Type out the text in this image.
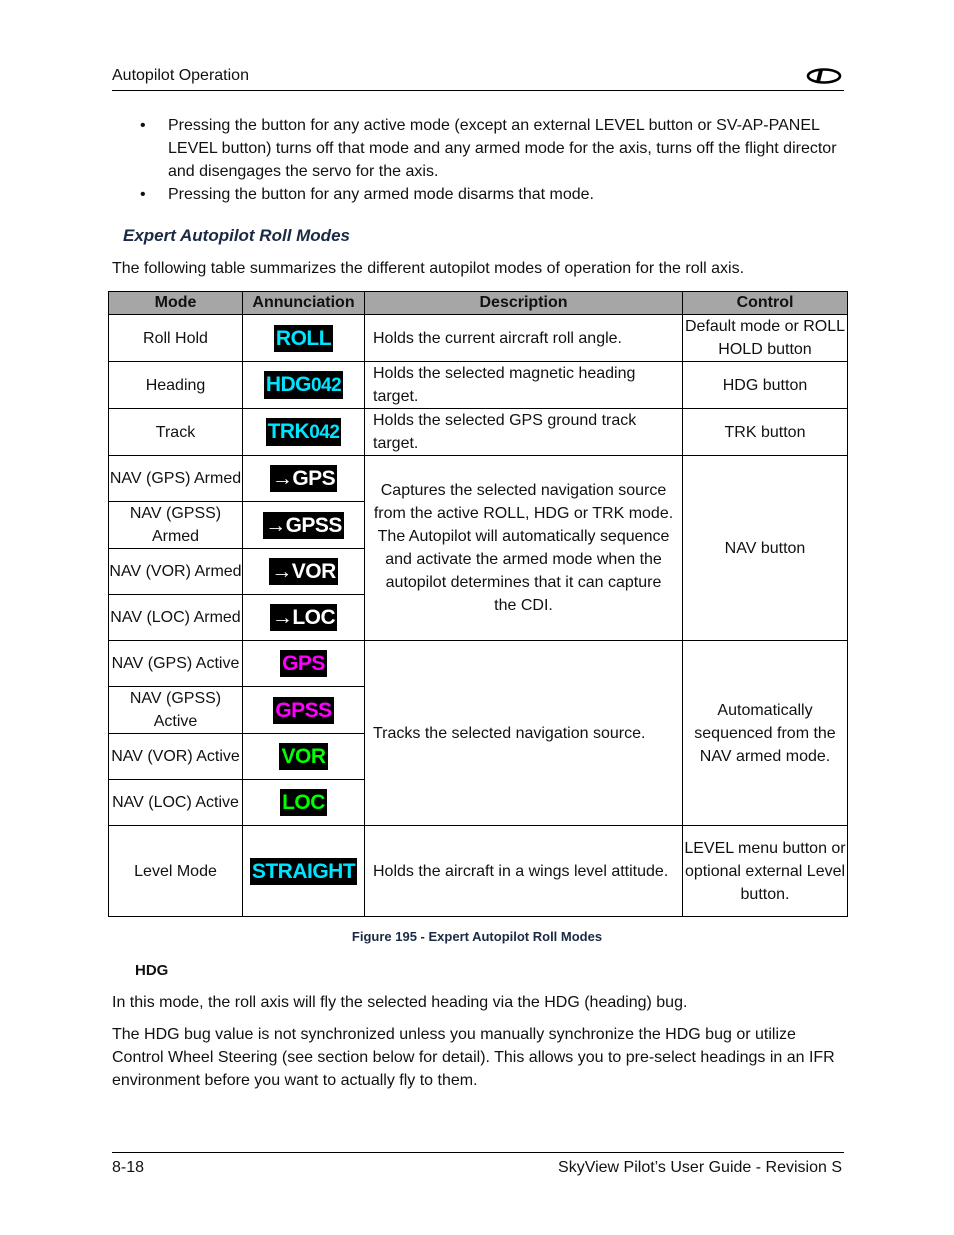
Autopilot Operation
• Pressing the button for any active mode (except an external LEVEL button or SV-AP-PANEL LEVEL button) turns off that mode and any armed mode for the axis, turns off the flight director and disengages the servo for the axis.
• Pressing the button for any armed mode disarms that mode.
Expert Autopilot Roll Modes
The following table summarizes the different autopilot modes of operation for the roll axis.
Mode	Annunciation	Description	Control
Roll Hold	ROLL	Holds the current aircraft roll angle.	Default mode or ROLL HOLD button
Heading	HDG042	Holds the selected magnetic heading target.	HDG button
Track	TRK042	Holds the selected GPS ground track target.	TRK button
NAV (GPS) Armed	→GPS	Captures the selected navigation source from the active ROLL, HDG or TRK mode. The Autopilot will automatically sequence and activate the armed mode when the autopilot determines that it can capture the CDI.	NAV button
NAV (GPSS) Armed	→GPSS		
NAV (VOR) Armed	→VOR		
NAV (LOC) Armed	→LOC		
NAV (GPS) Active	GPS	Tracks the selected navigation source.	Automatically sequenced from the NAV armed mode.
NAV (GPSS) Active	GPSS		
NAV (VOR) Active	VOR		
NAV (LOC) Active	LOC		
Level Mode	STRAIGHT	Holds the aircraft in a wings level attitude.	LEVEL menu button or optional external Level button.
Figure 195 - Expert Autopilot Roll Modes
HDG

In this mode, the roll axis will fly the selected heading via the HDG (heading) bug.

The HDG bug value is not synchronized unless you manually synchronize the HDG bug or utilize Control Wheel Steering (see section below for detail). This allows you to pre-select headings in an IFR environment before you want to actually fly to them.

8-18	SkyView Pilot’s User Guide - Revision S
